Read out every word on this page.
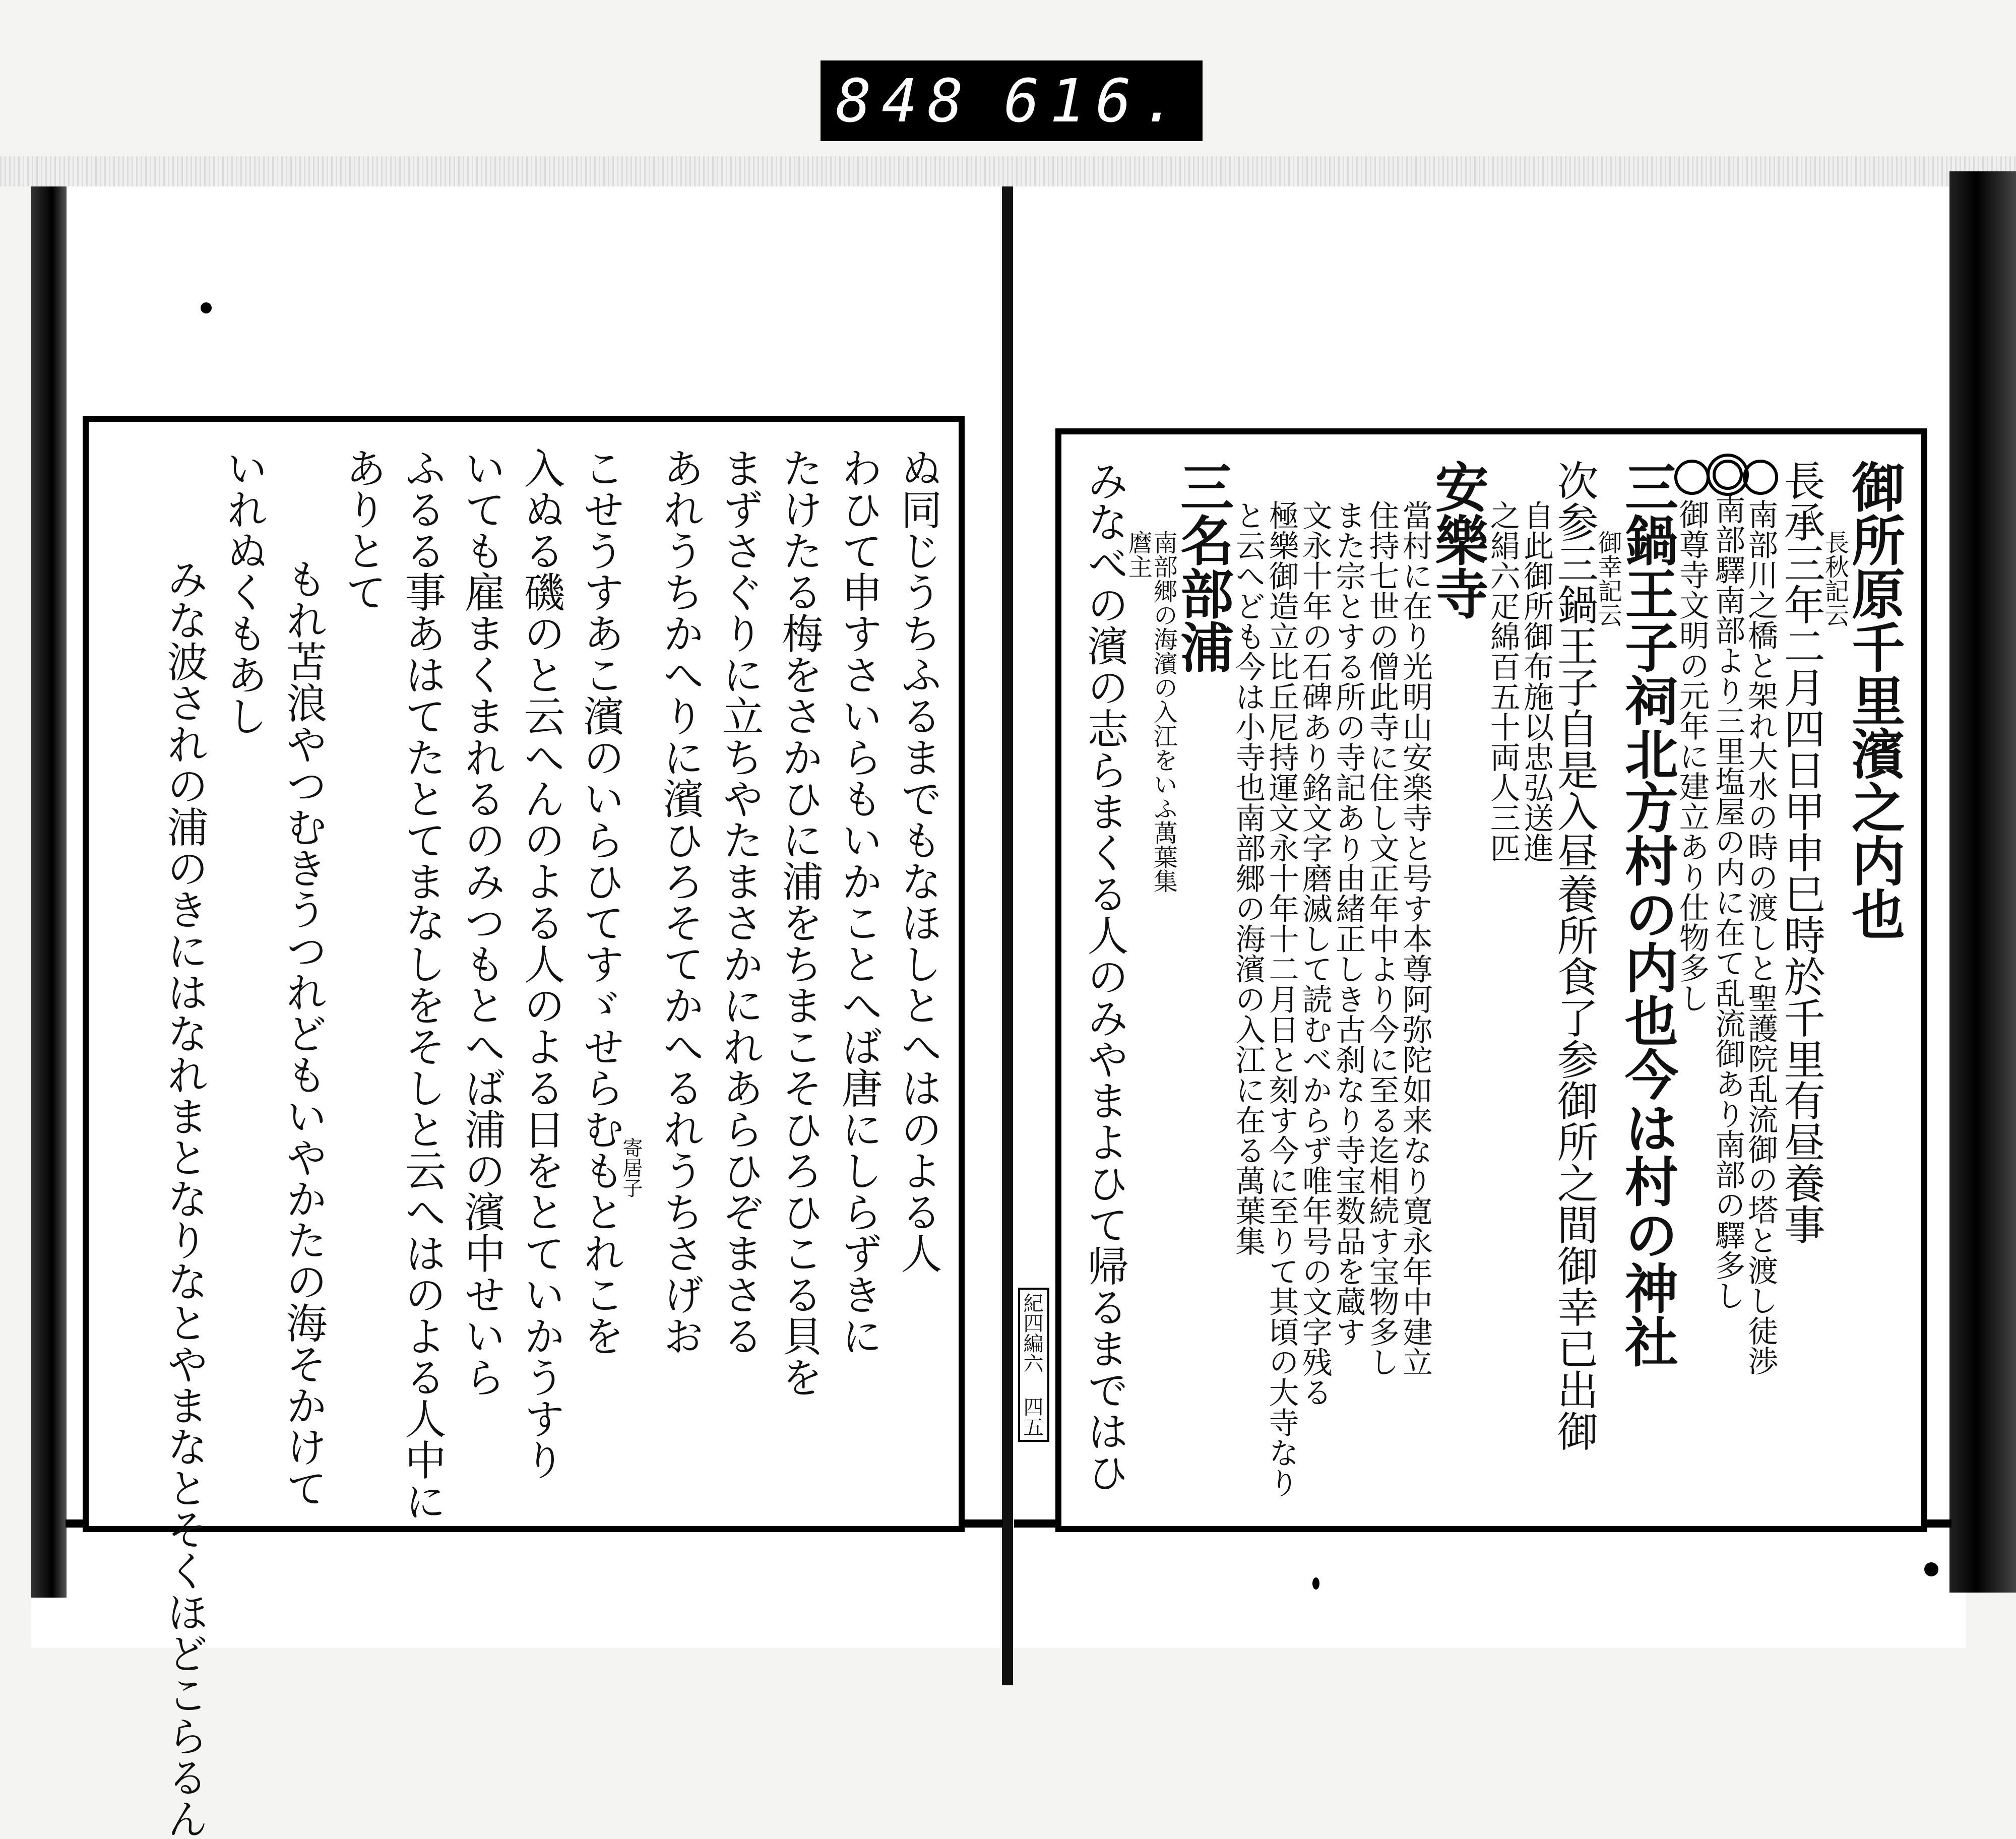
848 616.
御所原千里濱之内也
長秋記云
長承三年二月四日甲申巳時於千里有昼養事
南部川之橋と架れ大水の時の渡しと聖護院乱流御の塔と渡し徒渉
南部驛南部より三里塩屋の内に在て乱流御あり南部の驛多し
御尊寺文明の元年に建立あり仕物多し
三鍋王子祠北方村の内也今は村の神社
御幸記云
次参三鍋王子自是入昼養所食了参御所之間御幸已出御
自此御所御布施以忠弘送進
之絹六疋綿百五十両人三匹
安樂寺
當村に在り光明山安楽寺と号す本尊阿弥陀如来なり寛永年中建立
住持七世の僧此寺に住し文正年中より今に至る迄相続す宝物多し
また宗とする所の寺記あり由緒正しき古刹なり寺宝数品を蔵す
文永十年の石碑あり銘文字磨滅して読むべからず唯年号の文字残る
極樂御造立比丘尼持運文永十年十二月日と刻す今に至りて其頃の大寺なり
と云へども今は小寺也南部郷の海濱の入江に在る萬葉集
三名部浦
南部郷の海濱の入江をいふ萬葉集
麿主
みなべの濱の志らまくる人のみやまよひて帰るまではひ
ぬ同じうちふるまでもなほしとへはのよる人
わひて申すさいらもいかことへば唐にしらずきに
たけたる梅をさかひに浦をちまこそひろひこる貝を
まずさぐりに立ちやたまさかにれあらひぞまさる
あれうちかへりに濱ひろそてかへるれうちさげお
寄居子
こせうすあこ濱のいらひてすゞせらむもとれこを
入ぬる磯のと云へんのよる人のよる日をとていかうすり
いても雇まくまれるのみつもとへば浦の濱中せいら
ふるる事あはてたとてまなしをそしと云へはのよる人中に
ありとて
もれ苫浪やつむきうつれどもいやかたの海そかけて
いれぬくもあし
みな波されの浦のきにはなれまとなりなとやまなとそくほどこらるん	紀四編六 四五
